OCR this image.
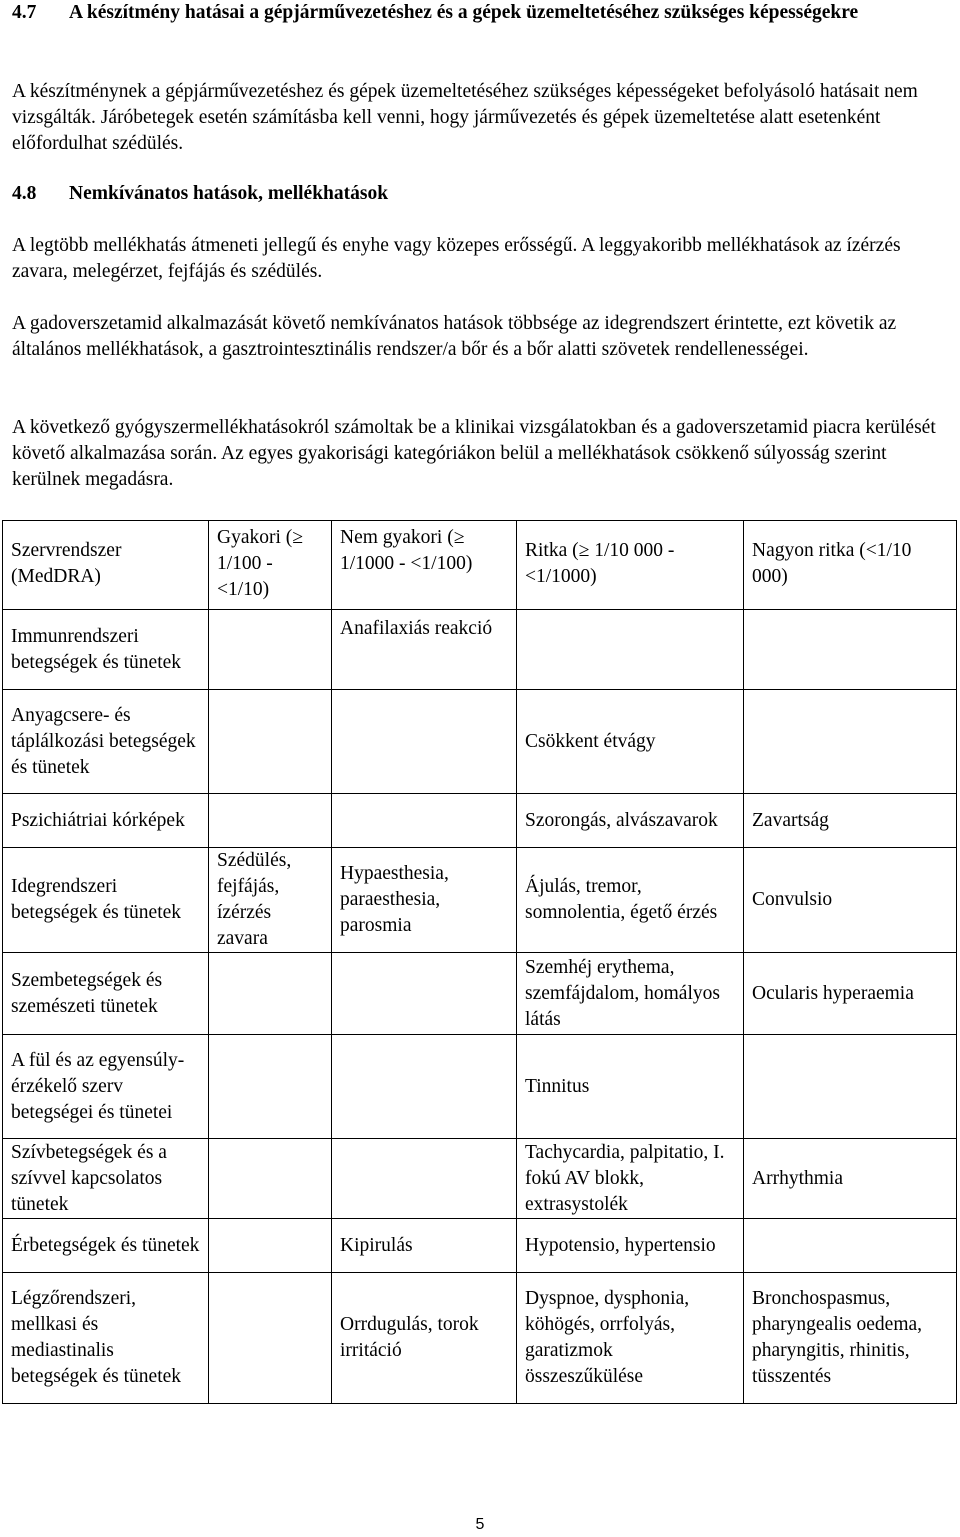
4.7 A készítmény hatásai a gépjárművezetéshez és a gépek üzemeltetéséhez szükséges képességekre
A készítménynek a gépjárművezetéshez és gépek üzemeltetéséhez szükséges képességeket befolyásoló hatásait nem vizsgálták. Járóbetegek esetén számításba kell venni, hogy járművezetés és gépek üzemeltetése alatt esetenként előfordulhat szédülés.
4.8 Nemkívánatos hatások, mellékhatások
A legtöbb mellékhatás átmeneti jellegű és enyhe vagy közepes erősségű. A leggyakoribb mellékhatások az ízérzés zavara, melegérzet, fejfájás és szédülés.
A gadoverszetamid alkalmazását követő nemkívánatos hatások többsége az idegrendszert érintette, ezt követik az általános mellékhatások, a gasztrointesztinális rendszer/a bőr és a bőr alatti szövetek rendellenességei.
A következő gyógyszermellékhatásokról számoltak be a klinikai vizsgálatokban és a gadoverszetamid piacra kerülését követő alkalmazása során. Az egyes gyakorisági kategóriákon belül a mellékhatások csökkenő súlyosság szerint kerülnek megadásra.
Szervrendszer (MedDRA)	Gyakori (≥ 1/100 - <1/10)	Nem gyakori (≥ 1/1000 - <1/100)	Ritka (≥ 1/10 000 - <1/1000)	Nagyon ritka (<1/10 000)
Immunrendszeri betegségek és tünetek		Anafilaxiás reakció		
Anyagcsere- és táplálkozási betegségek és tünetek			Csökkent étvágy	
Pszichiátriai kórképek			Szorongás, alvászavarok	Zavartság
Idegrendszeri betegségek és tünetek	Szédülés, fejfájás, ízérzés zavara	Hypaesthesia, paraesthesia, parosmia	Ájulás, tremor, somnolentia, égető érzés	Convulsio
Szembetegségek és szemészeti tünetek			Szemhéj erythema, szemfájdalom, homályos látás	Ocularis hyperaemia
A fül és az egyensúly-érzékelő szerv betegségei és tünetei			Tinnitus	
Szívbetegségek és a szívvel kapcsolatos tünetek			Tachycardia, palpitatio, I. fokú AV blokk, extrasystolék	Arrhythmia
Érbetegségek és tünetek		Kipirulás	Hypotensio, hypertensio	
Légzőrendszeri, mellkasi és mediastinalis betegségek és tünetek		Orrdugulás, torok irritáció	Dyspnoe, dysphonia, köhögés, orrfolyás, garatizmok összeszűkülése	Bronchospasmus, pharyngealis oedema, pharyngitis, rhinitis, tüsszentés
5
